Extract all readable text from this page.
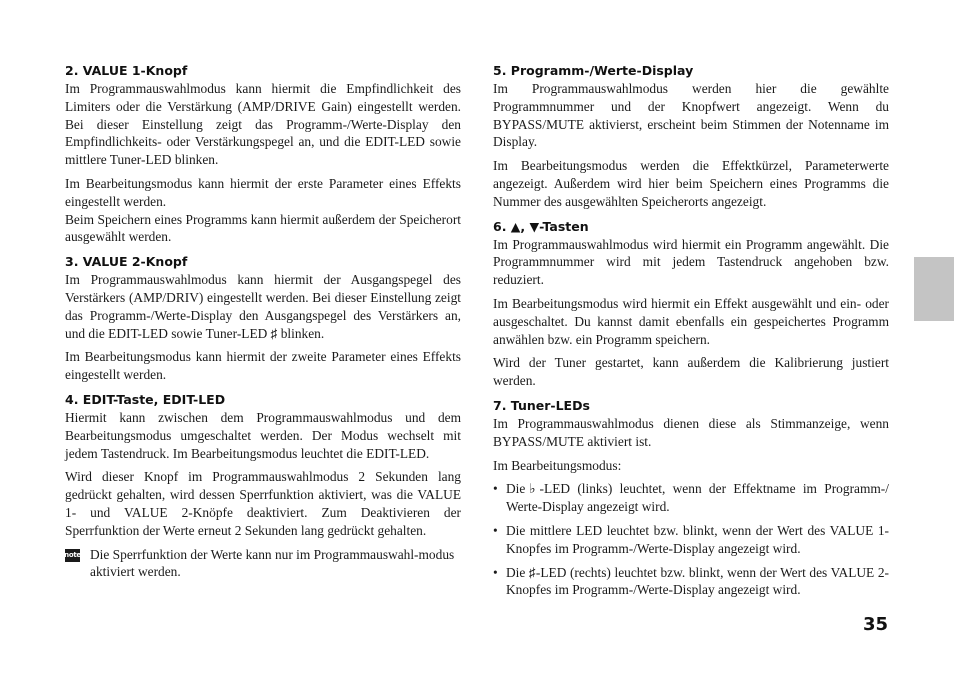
2. VALUE 1-Knopf

Im Programmauswahlmodus kann hiermit die Empfindlichkeit des Limiters oder die Verstärkung (AMP/DRIVE Gain) eingestellt werden. Bei dieser Einstellung zeigt das Programm-/Werte-Display den Empfindlichkeits- oder Verstärkungspegel an, und die EDIT-LED sowie mittlere Tuner-LED blinken.

Im Bearbeitungsmodus kann hiermit der erste Parameter eines Effekts eingestellt werden.

Beim Speichern eines Programms kann hiermit außerdem der Speicherort ausgewählt werden.

3. VALUE 2-Knopf

Im Programmauswahlmodus kann hiermit der Ausgangspegel des Verstärkers (AMP/DRIV) eingestellt werden. Bei dieser Einstellung zeigt das Programm-/Werte-Display den Ausgangspegel des Verstärkers an, und die EDIT-LED sowie Tuner-LED ♯ blinken.

Im Bearbeitungsmodus kann hiermit der zweite Parameter eines Effekts eingestellt werden.

4. EDIT-Taste, EDIT-LED

Hiermit kann zwischen dem Programmauswahlmodus und dem Bearbeitungsmodus umgeschaltet werden. Der Modus wechselt mit jedem Tastendruck. Im Bearbeitungsmodus leuchtet die EDIT-LED.

Wird dieser Knopf im Programmauswahlmodus 2 Sekunden lang gedrückt gehalten, wird dessen Sperrfunktion aktiviert, was die VALUE 1- und VALUE 2-Knöpfe deaktiviert. Zum Deaktivieren der Sperrfunktion der Werte erneut 2 Sekunden lang gedrückt gehalten.

note Die Sperrfunktion der Werte kann nur im Programmauswahl-modus aktiviert werden.

5. Programm-/Werte-Display

Im Programmauswahlmodus werden hier die gewählte Programmnummer und der Knopfwert angezeigt. Wenn du BYPASS/MUTE aktivierst, erscheint beim Stimmen der Notenname im Display.

Im Bearbeitungsmodus werden die Effektkürzel, Parameterwerte angezeigt. Außerdem wird hier beim Speichern eines Programms die Nummer des ausgewählten Speicherorts angezeigt.

6. ▲, ▼-Tasten

Im Programmauswahlmodus wird hiermit ein Programm angewählt. Die Programmnummer wird mit jedem Tastendruck angehoben bzw. reduziert.

Im Bearbeitungsmodus wird hiermit ein Effekt ausgewählt und ein- oder ausgeschaltet. Du kannst damit ebenfalls ein gespeichertes Programm anwählen bzw. ein Programm speichern.

Wird der Tuner gestartet, kann außerdem die Kalibrierung justiert werden.

7. Tuner-LEDs

Im Programmauswahlmodus dienen diese als Stimmanzeige, wenn BYPASS/MUTE aktiviert ist.

Im Bearbeitungsmodus:

• Die♭-LED (links) leuchtet, wenn der Effektname im Programm-/ Werte-Display angezeigt wird.
• Die mittlere LED leuchtet bzw. blinkt, wenn der Wert des VALUE 1-Knopfes im Programm-/Werte-Display angezeigt wird.
• Die ♯-LED (rechts) leuchtet bzw. blinkt, wenn der Wert des VALUE 2-Knopfes im Programm-/Werte-Display angezeigt wird.
35
